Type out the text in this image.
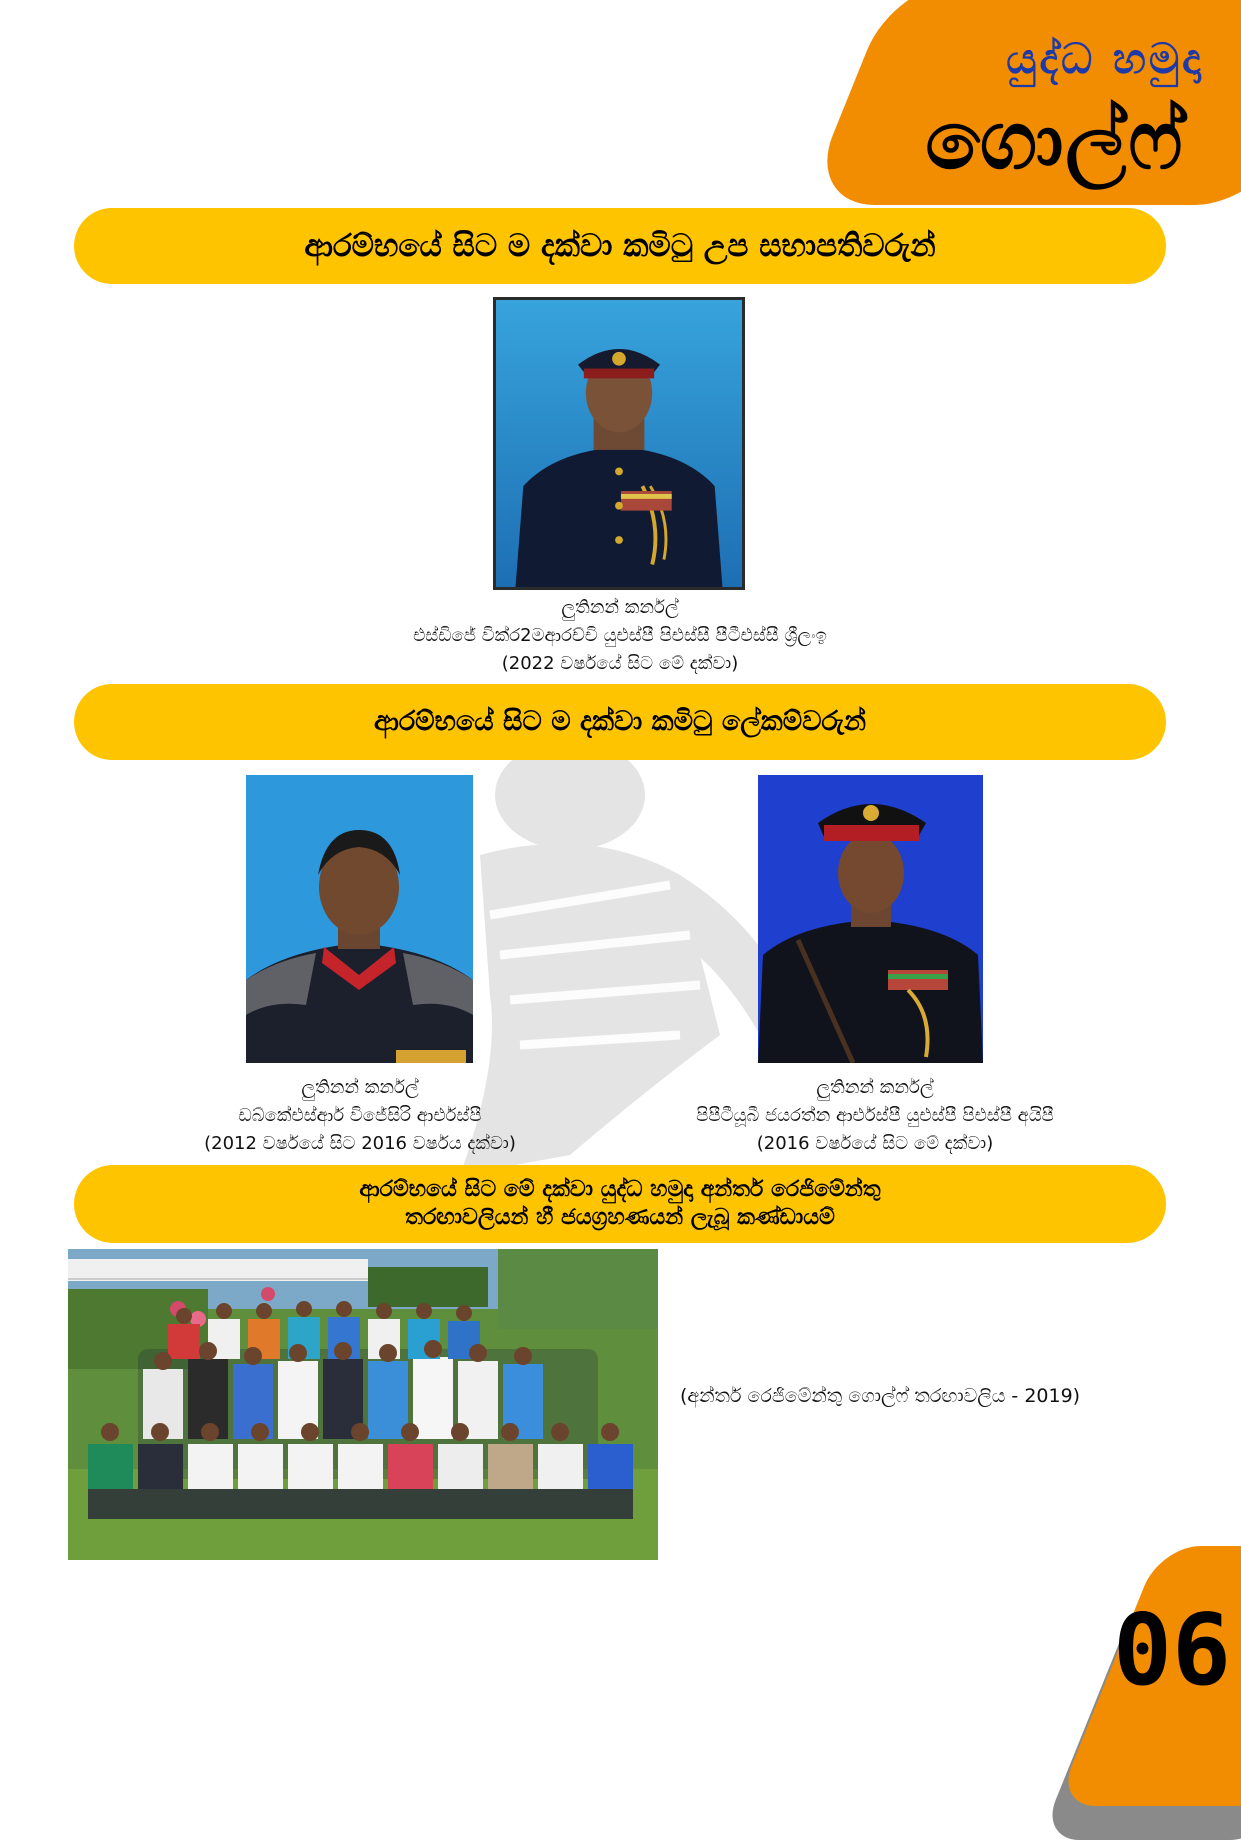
යුද්ධ හමුදා
ගොල්ෆ්
ආරම්භයේ සිට ම දක්වා කමිටු උප සභාපතිවරුන්
ලුතිනන් කර්නල්
එස්ඩිජේ වික්ර2මආරච්චි යුඑස්පී පිඑස්සී පීටීඑස්සී ශ්‍රීලංඉ
(2022 වර්ෂයේ සිට මේ දක්වා)
ආරම්භයේ සිට ම දක්වා කමිටු ලේකම්වරුන්
ලුතිනන් කර්නල්
ඩබ්කේඑස්ආර් විජේසිරි ආර්එස්පී
(2012 වර්ෂයේ සිට 2016 වර්ෂය දක්වා)
ලුතිනන් කර්නල්
පිපීටීයූබී ජයරත්න ආර්එස්පී යුඑස්පී පිඑස්පී අයිපී
(2016 වර්ෂයේ සිට මේ දක්වා)
ආරම්භයේ සිට මේ දක්වා යුද්ධ හමුදා අන්තර් රෙජිමේන්තු
තරඟාවලියන් හී ජයග්‍රහණයන් ලැබූ කණ්ඩායම්
(අන්තර් රෙජිමේන්තු ගොල්ෆ් තරඟාවලිය - 2019)
06
